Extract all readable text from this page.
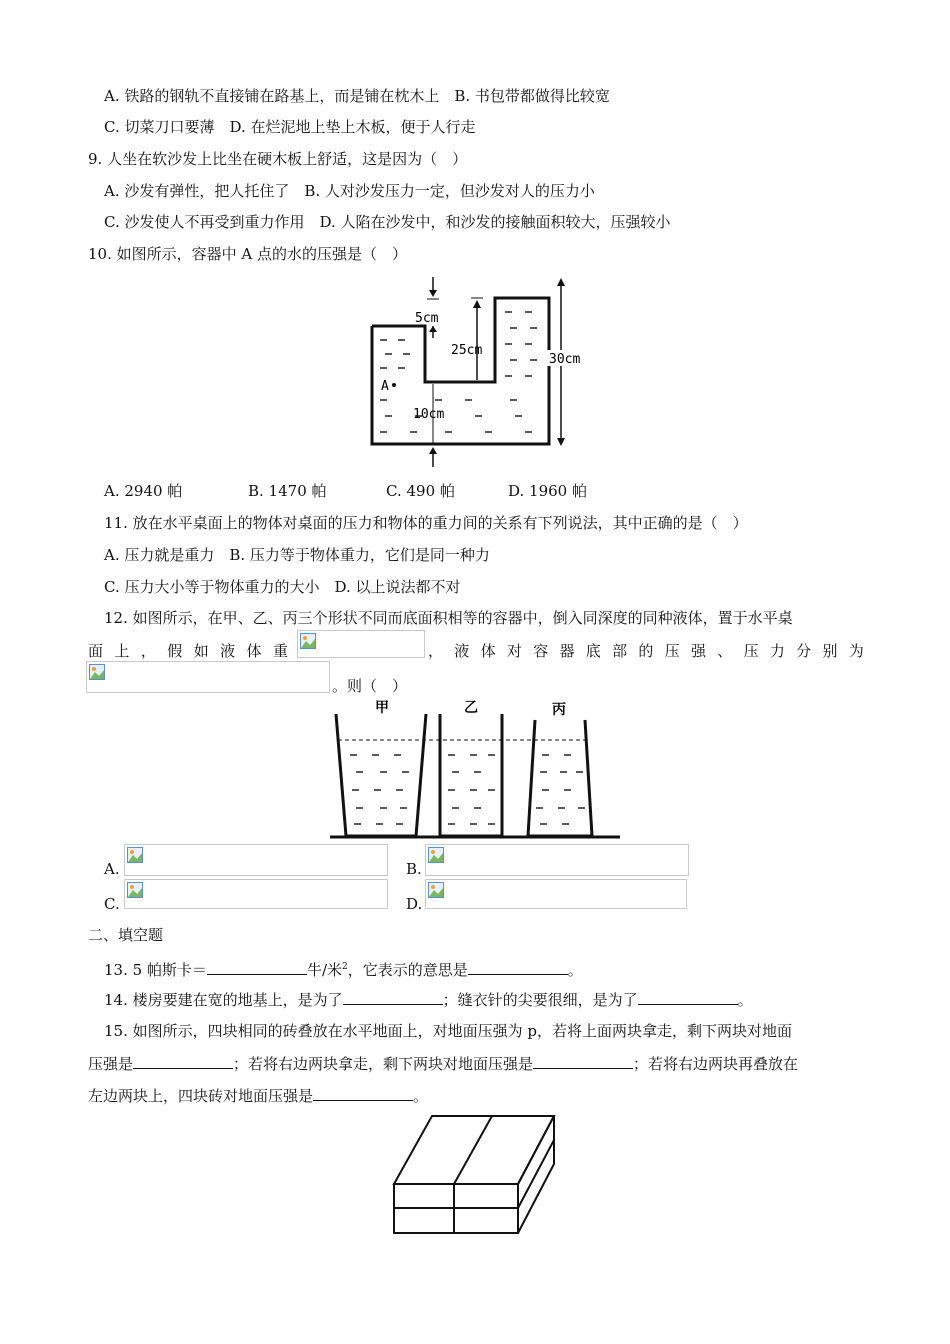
A. 铁路的钢轨不直接铺在路基上，而是铺在枕木上　B. 书包带都做得比较宽
C. 切菜刀口要薄　D. 在烂泥地上垫上木板，便于人行走
9. 人坐在软沙发上比坐在硬木板上舒适，这是因为（　）
A. 沙发有弹性，把人托住了　B. 人对沙发压力一定，但沙发对人的压力小
C. 沙发使人不再受到重力作用　D. 人陷在沙发中，和沙发的接触面积较大，压强较小
10. 如图所示，容器中 A 点的水的压强是（　）
5cm
25cm
30cm
10cm
A
A. 2940 帕	B. 1470 帕	C. 490 帕	D. 1960 帕
11. 放在水平桌面上的物体对桌面的压力和物体的重力间的关系有下列说法，其中正确的是（　）
A. 压力就是重力　B. 压力等于物体重力，它们是同一种力
C. 压力大小等于物体重力的大小　D. 以上说法都不对
12. 如图所示，在甲、乙、丙三个形状不同而底面积相等的容器中，倒入同深度的同种液体，置于水平桌
面 上 ， 假 如 液 体 重	， 液 体 对 容 器 底 部 的 压 强 、 压 力 分 别 为
。则（　）
甲	乙	丙
A.	B.
C.	D.
二、填空题
13. 5 帕斯卡＝	牛/米$^2$，它表示的意思是	。
14. 楼房要建在宽的地基上，是为了	；缝衣针的尖要很细，是为了	。
15. 如图所示，四块相同的砖叠放在水平地面上，对地面压强为 p，若将上面两块拿走，剩下两块对地面
压强是	；若将右边两块拿走，剩下两块对地面压强是	；若将右边两块再叠放在
左边两块上，四块砖对地面压强是	。
